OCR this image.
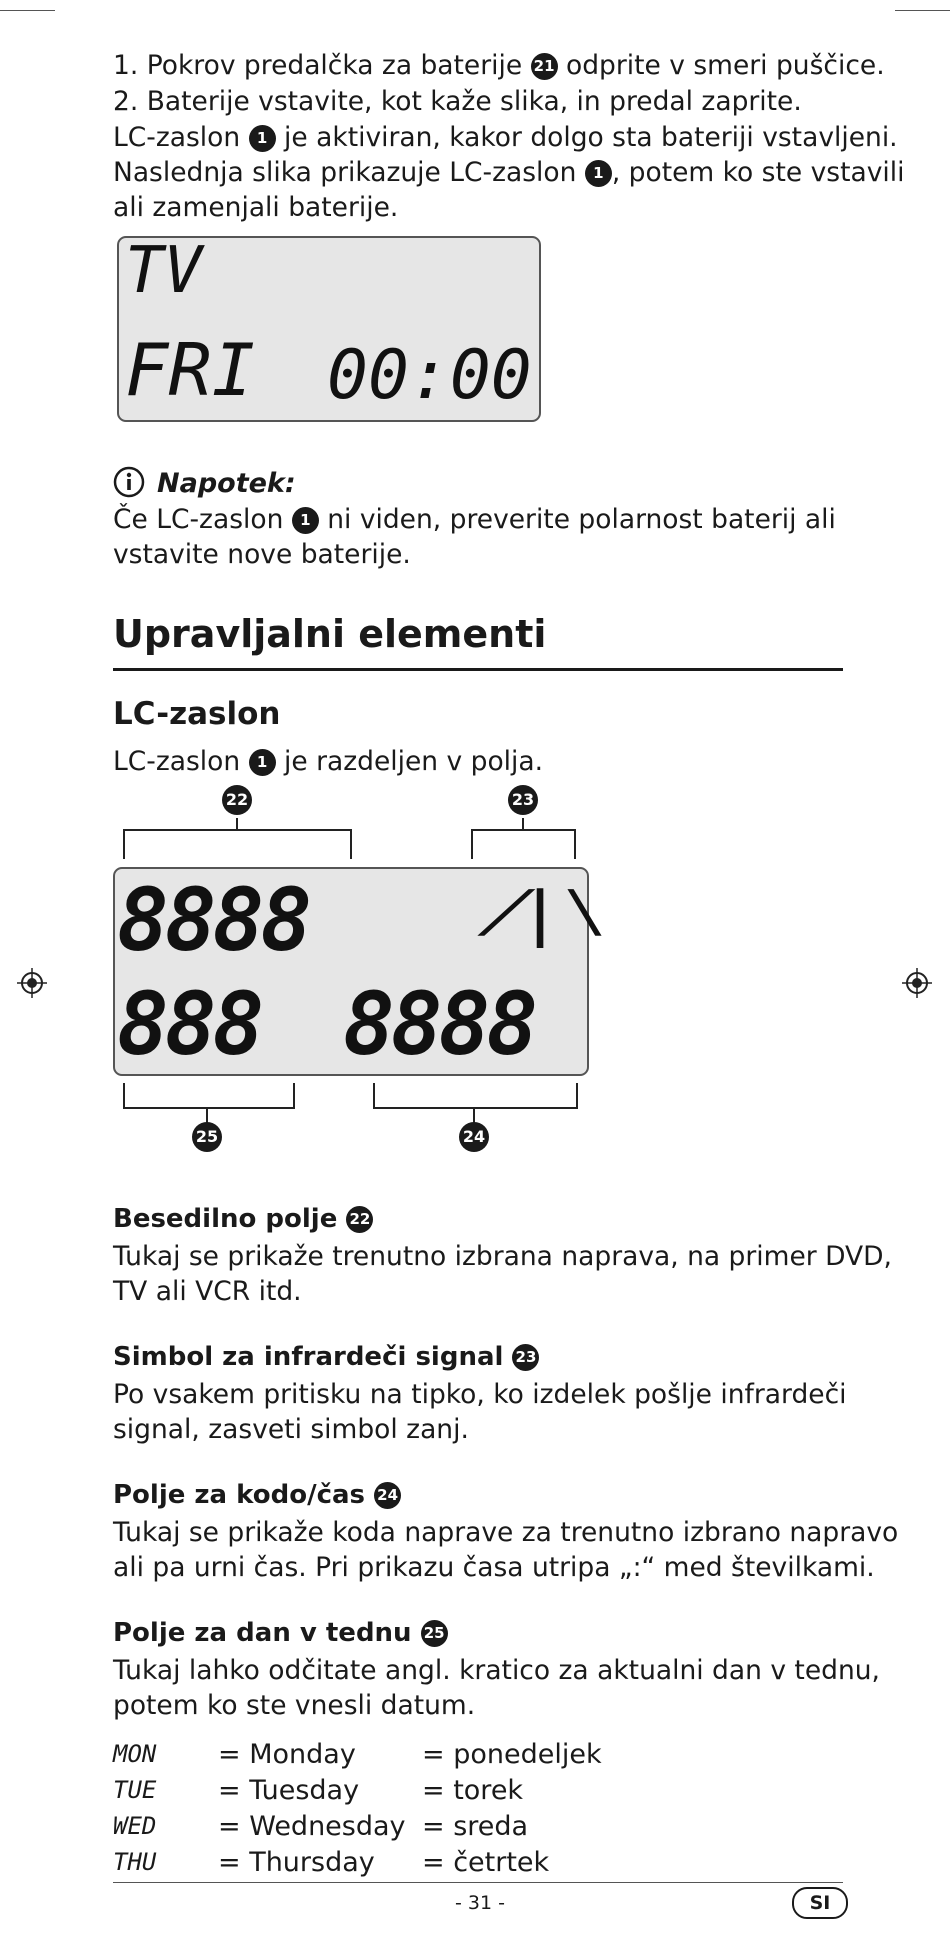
1. Pokrov predalčka za baterije 21 odprite v smeri puščice.
2. Baterije vstavite, kot kaže slika, in predal zaprite.
LC-zaslon 1 je aktiviran, kakor dolgo sta bateriji vstavljeni.
Naslednja slika prikazuje LC-zaslon 1 , potem ko ste vstavili
ali zamenjali baterije.
TV
FRI 00:00
Napotek:
Če LC-zaslon 1 ni viden, preverite polarnost baterij ali
vstavite nove baterije.
Upravljalni elementi
LC-zaslon
LC-zaslon 1 je razdeljen v polja.
22	23
8888	⟋|⟍
888 8888
25	24
Besedilno polje 22
Tukaj se prikaže trenutno izbrana naprava, na primer DVD,
TV ali VCR itd.
Simbol za infrardeči signal 23
Po vsakem pritisku na tipko, ko izdelek pošlje infrardeči
signal, zasveti simbol zanj.
Polje za kodo/čas 24
Tukaj se prikaže koda naprave za trenutno izbrano napravo
ali pa urni čas. Pri prikazu časa utripa „:“ med številkami.
Polje za dan v tednu 25
Tukaj lahko odčitate angl. kratico za aktualni dan v tednu,
potem ko ste vnesli datum.
MON	= Monday	= ponedeljek
TUE	= Tuesday	= torek
WED	= Wednesday	= sreda
THU	= Thursday	= četrtek
- 31 -	SI
